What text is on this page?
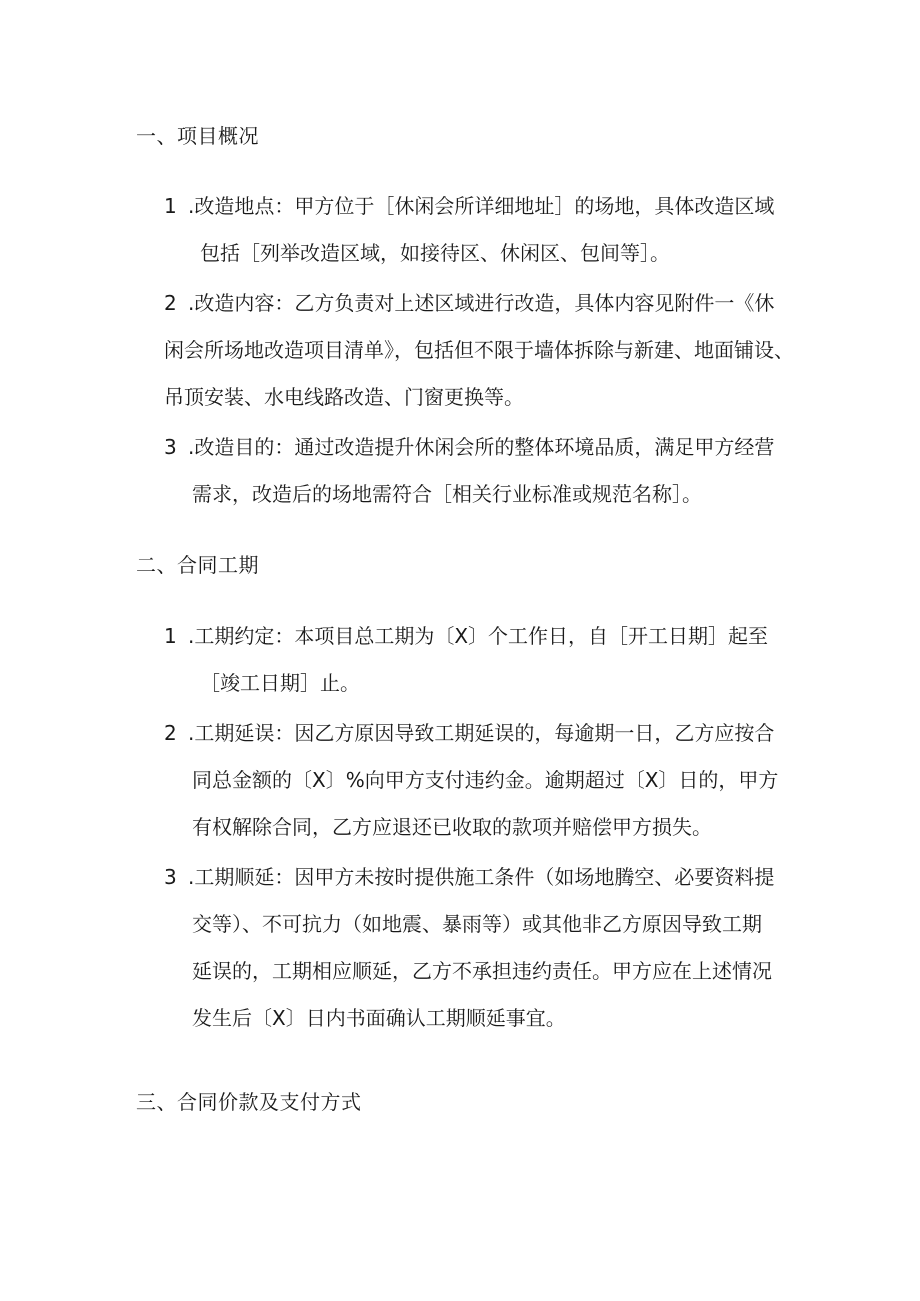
一、项目概况
1 .改造地点：甲方位于［休闲会所详细地址］的场地，具体改造区域
包括［列举改造区域，如接待区、休闲区、包间等］。
2 .改造内容：乙方负责对上述区域进行改造，具体内容见附件一《休
闲会所场地改造项目清单》，包括但不限于墙体拆除与新建、地面铺设、
吊顶安装、水电线路改造、门窗更换等。
3 .改造目的：通过改造提升休闲会所的整体环境品质，满足甲方经营
需求，改造后的场地需符合［相关行业标准或规范名称］。
二、合同工期
1 .工期约定：本项目总工期为〔X〕个工作日，自［开工日期］起至
［竣工日期］止。
2 .工期延误：因乙方原因导致工期延误的，每逾期一日，乙方应按合
同总金额的〔X〕%向甲方支付违约金。逾期超过〔X〕日的，甲方
有权解除合同，乙方应退还已收取的款项并赔偿甲方损失。
3 .工期顺延：因甲方未按时提供施工条件（如场地腾空、必要资料提
交等）、不可抗力（如地震、暴雨等）或其他非乙方原因导致工期
延误的，工期相应顺延，乙方不承担违约责任。甲方应在上述情况
发生后〔X〕日内书面确认工期顺延事宜。
三、合同价款及支付方式
